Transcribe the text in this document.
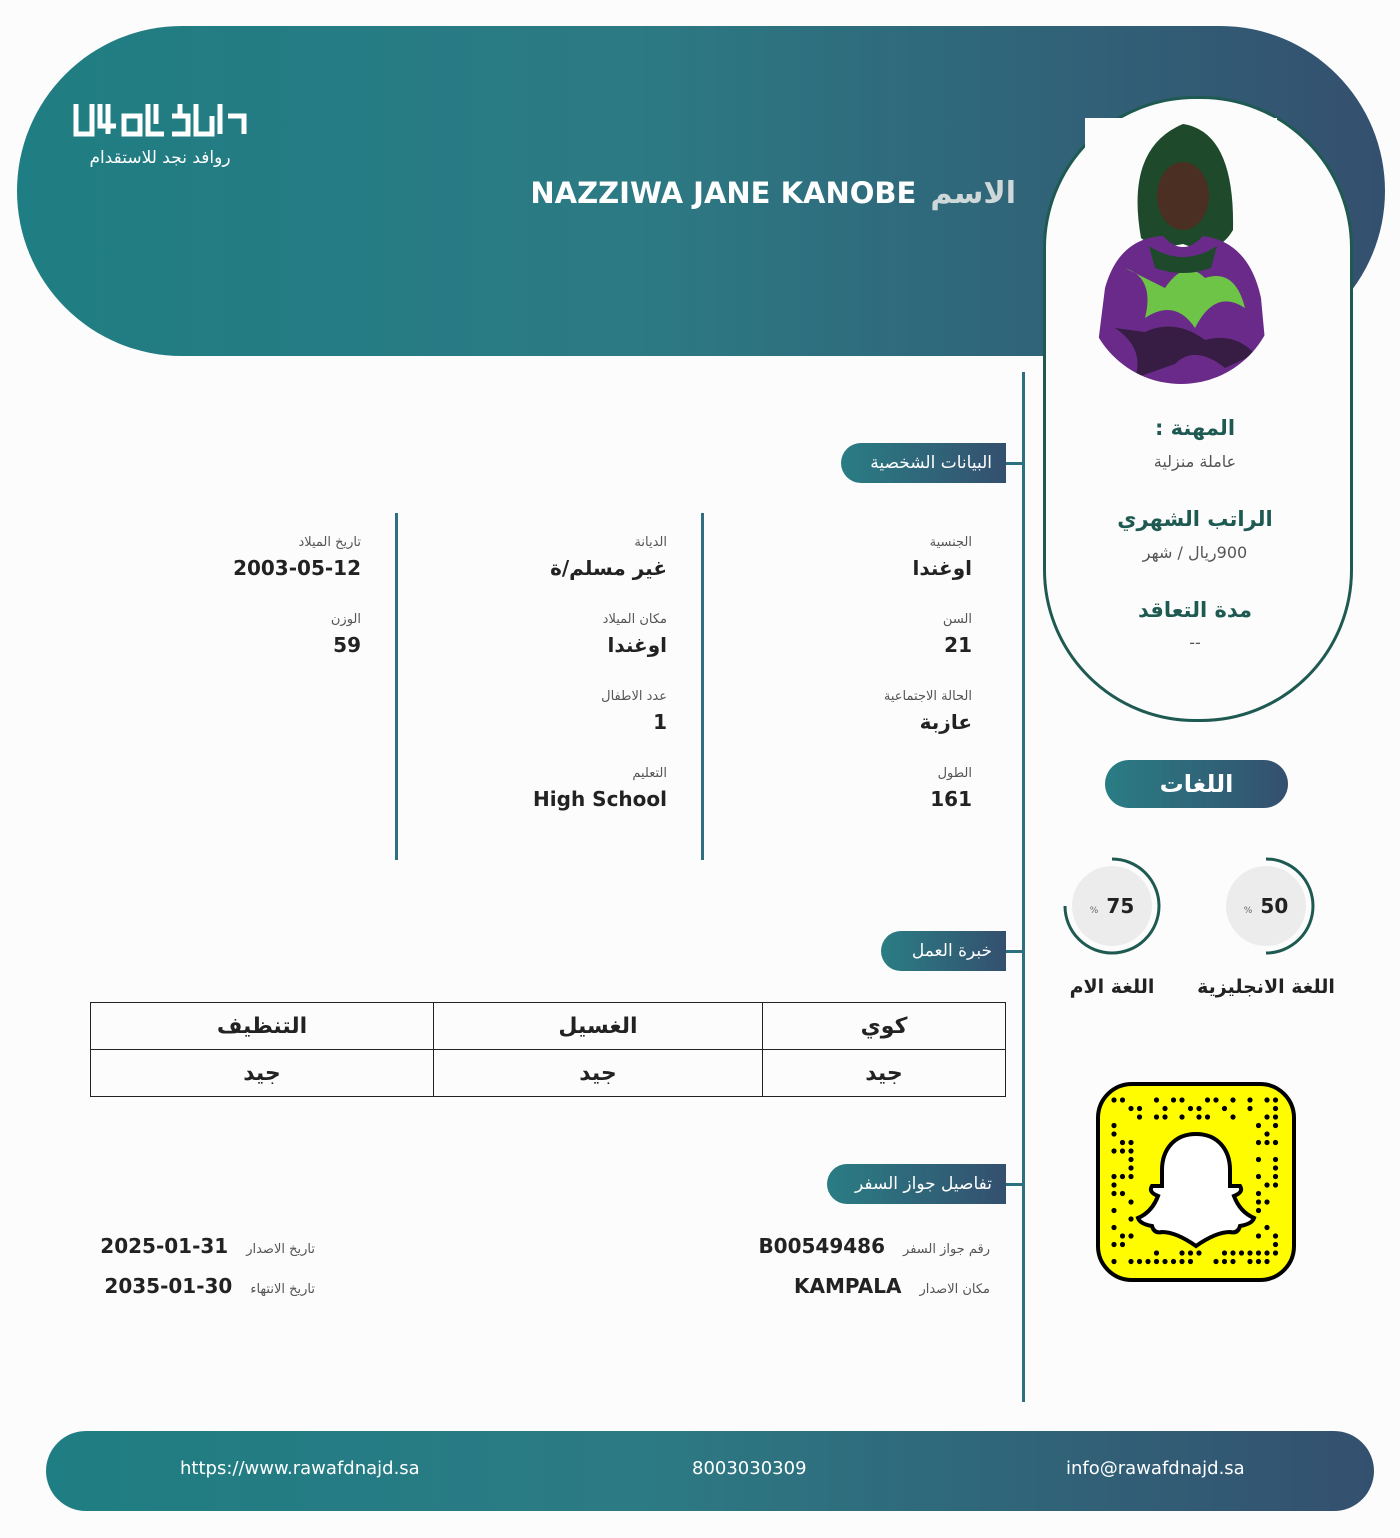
روافد نجد للاستقدام
الاسم
NAZZIWA JANE KANOBE
المهنة :
عاملة منزلية
الراتب الشهري
900ريال / شهر
مدة التعاقد
--
البيانات الشخصية
الجنسية
اوغندا
السن
21
الحالة الاجتماعية
عازبة
الطول
161
الديانة
غير مسلم/ة
مكان الميلاد
اوغندا
عدد الاطفال
1
التعليم
High School
تاريخ الميلاد
2003-05-12
الوزن
59
خبرة العمل
كوي	الغسيل	التنظيف
جيد	جيد	جيد
تفاصيل جواز السفر
رقم جواز السفر
B00549486
مكان الاصدار
KAMPALA
تاريخ الاصدار
2025-01-31
تاريخ الانتهاء
2035-01-30
اللغات
% 50
% 75
اللغة الانجليزية
اللغة الام
https://www.rawafdnajd.sa	8003030309	info@rawafdnajd.sa
